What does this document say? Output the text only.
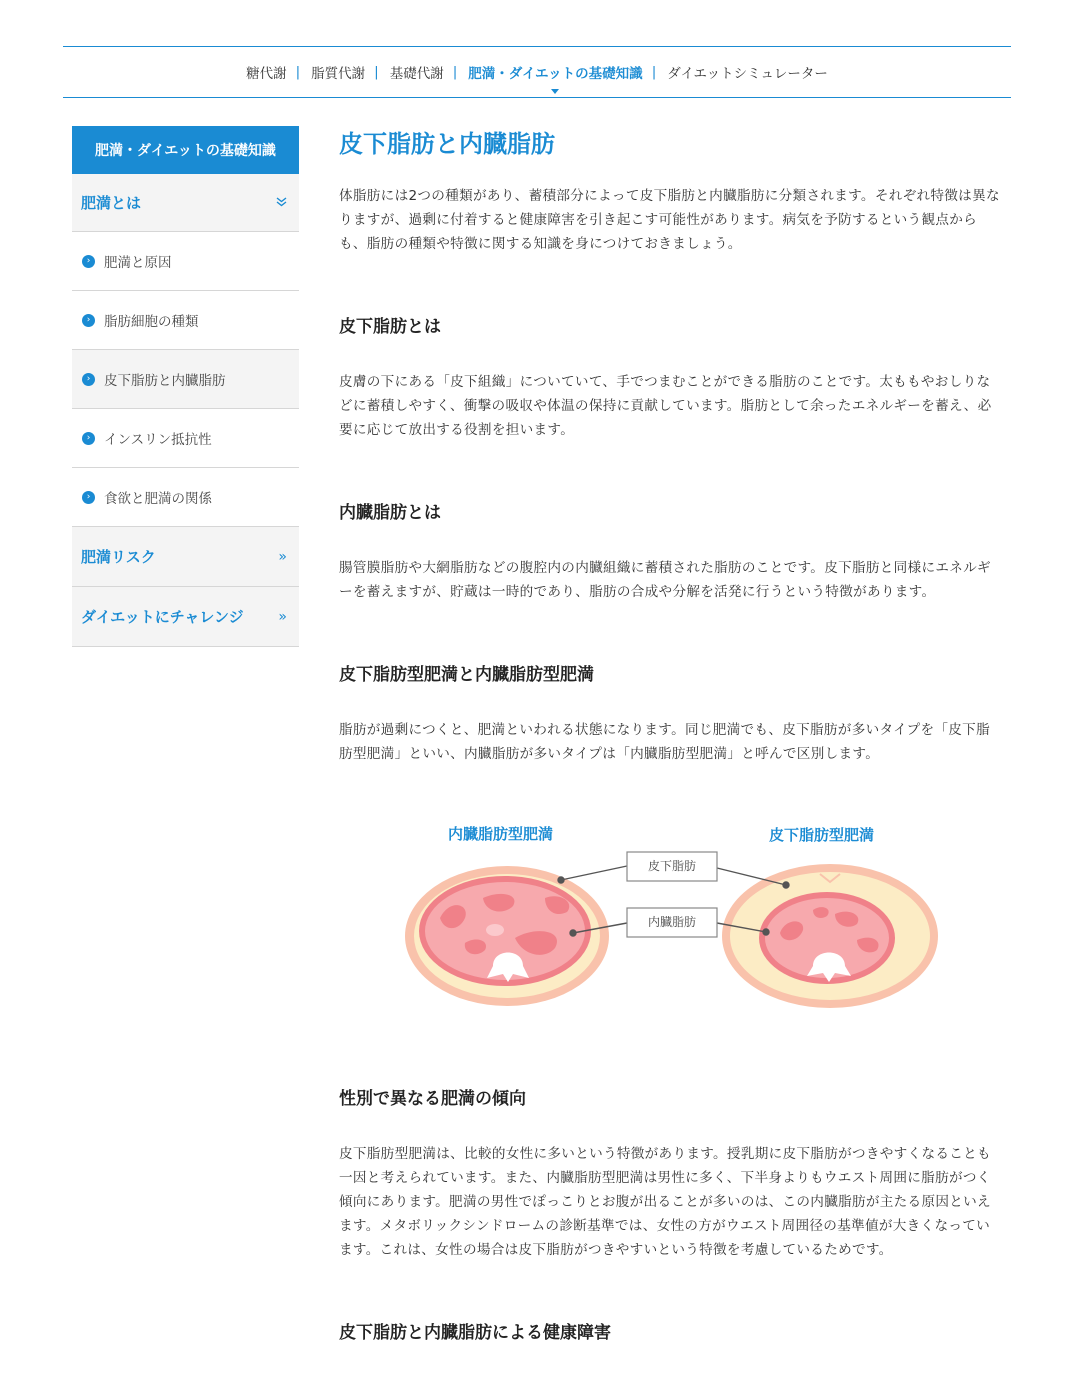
糖代謝 | 脂質代謝 | 基礎代謝 | 肥満・ダイエットの基礎知識 | ダイエットシミュレーター
肥満・ダイエットの基礎知識
肥満とは
›	肥満と原因
›	脂肪細胞の種類
›	皮下脂肪と内臓脂肪
›	インスリン抵抗性
›	食欲と肥満の関係
肥満リスク	»
ダイエットにチャレンジ »
皮下脂肪と内臓脂肪

体脂肪には2つの種類があり、蓄積部分によって皮下脂肪と内臓脂肪に分類されます。それぞれ特徴は異なりますが、過剰に付着すると健康障害を引き起こす可能性があります。病気を予防するという観点からも、脂肪の種類や特徴に関する知識を身につけておきましょう。

皮下脂肪とは

皮膚の下にある「皮下組織」についていて、手でつまむことができる脂肪のことです。太ももやおしりなどに蓄積しやすく、衝撃の吸収や体温の保持に貢献しています。脂肪として余ったエネルギーを蓄え、必要に応じて放出する役割を担います。

内臓脂肪とは

腸管膜脂肪や大網脂肪などの腹腔内の内臓組織に蓄積された脂肪のことです。皮下脂肪と同様にエネルギーを蓄えますが、貯蔵は一時的であり、脂肪の合成や分解を活発に行うという特徴があります。

皮下脂肪型肥満と内臓脂肪型肥満

脂肪が過剰につくと、肥満といわれる状態になります。同じ肥満でも、皮下脂肪が多いタイプを「皮下脂肪型肥満」といい、内臓脂肪が多いタイプは「内臓脂肪型肥満」と呼んで区別します。

内臓脂肪型肥満	皮下脂肪型肥満
皮下脂肪
内臓脂肪
性別で異なる肥満の傾向

皮下脂肪型肥満は、比較的女性に多いという特徴があります。授乳期に皮下脂肪がつきやすくなることも一因と考えられています。また、内臓脂肪型肥満は男性に多く、下半身よりもウエスト周囲に脂肪がつく傾向にあります。肥満の男性でぽっこりとお腹が出ることが多いのは、この内臓脂肪が主たる原因といえます。メタボリックシンドロームの診断基準では、女性の方がウエスト周囲径の基準値が大きくなっています。これは、女性の場合は皮下脂肪がつきやすいという特徴を考慮しているためです。

皮下脂肪と内臓脂肪による健康障害
